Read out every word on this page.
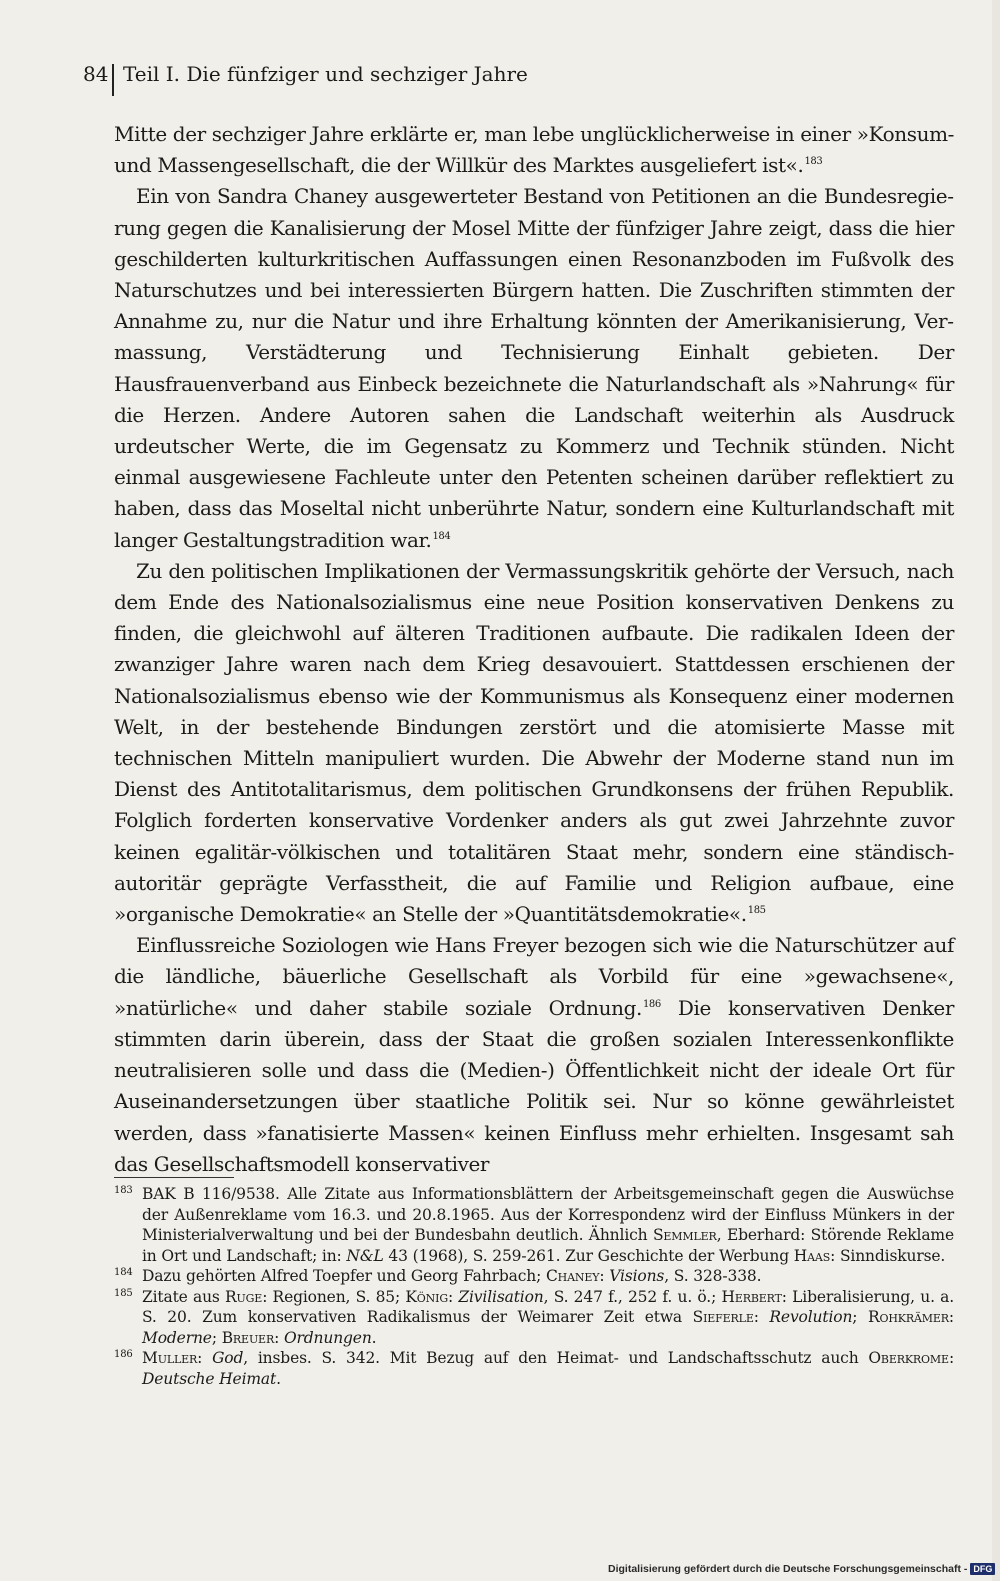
84 Teil I. Die fünfziger und sechziger Jahre

Mitte der sechziger Jahre erklärte er, man lebe unglücklicherweise in einer »Konsum- und Massengesellschaft, die der Willkür des Marktes ausgeliefert ist«.$^{183}$

Ein von Sandra Chaney ausgewerteter Bestand von Petitionen an die Bundesregierung gegen die Kanalisierung der Mosel Mitte der fünfziger Jahre zeigt, dass die hier geschilderten kulturkritischen Auffassungen einen Resonanzboden im Fußvolk des Naturschutzes und bei interessierten Bürgern hatten. Die Zuschriften stimmten der Annahme zu, nur die Natur und ihre Erhaltung könnten der Amerikanisierung, Vermassung, Verstädterung und Technisierung Einhalt gebieten. Der Hausfrauenverband aus Einbeck bezeichnete die Naturlandschaft als »Nahrung« für die Herzen. Andere Autoren sahen die Landschaft weiterhin als Ausdruck urdeutscher Werte, die im Gegensatz zu Kommerz und Technik stünden. Nicht einmal ausgewiesene Fachleute unter den Petenten scheinen darüber reflektiert zu haben, dass das Moseltal nicht unberührte Natur, sondern eine Kulturlandschaft mit langer Gestaltungstradition war.$^{184}$

Zu den politischen Implikationen der Vermassungskritik gehörte der Versuch, nach dem Ende des Nationalsozialismus eine neue Position konservativen Denkens zu finden, die gleichwohl auf älteren Traditionen aufbaute. Die radikalen Ideen der zwanziger Jahre waren nach dem Krieg desavouiert. Stattdessen erschienen der Nationalsozialismus ebenso wie der Kommunismus als Konsequenz einer modernen Welt, in der bestehende Bindungen zerstört und die atomisierte Masse mit technischen Mitteln manipuliert wurden. Die Abwehr der Moderne stand nun im Dienst des Antitotalitarismus, dem politischen Grundkonsens der frühen Republik. Folglich forderten konservative Vordenker anders als gut zwei Jahrzehnte zuvor keinen egalitär-völkischen und totalitären Staat mehr, sondern eine ständisch-autoritär geprägte Verfasstheit, die auf Familie und Religion aufbaue, eine »organische Demokratie« an Stelle der »Quantitätsdemokratie«.$^{185}$

Einflussreiche Soziologen wie Hans Freyer bezogen sich wie die Naturschützer auf die ländliche, bäuerliche Gesellschaft als Vorbild für eine »gewachsene«, »natürliche« und daher stabile soziale Ordnung.$^{186}$ Die konservativen Denker stimmten darin überein, dass der Staat die großen sozialen Interessenkonflikte neutralisieren solle und dass die (Medien-) Öffentlichkeit nicht der ideale Ort für Auseinandersetzungen über staatliche Politik sei. Nur so könne gewährleistet werden, dass »fanatisierte Massen« keinen Einfluss mehr erhielten. Insgesamt sah das Gesellschaftsmodell konservativer

183 BAK B 116/9538. Alle Zitate aus Informationsblättern der Arbeitsgemeinschaft gegen die Auswüchse der Außenreklame vom 16.3. und 20.8.1965. Aus der Korrespondenz wird der Einfluss Münkers in der Ministerialverwaltung und bei der Bundesbahn deutlich. Ähnlich Semmler, Eberhard: Störende Reklame in Ort und Landschaft; in: N&L 43 (1968), S. 259-261. Zur Geschichte der Werbung Haas: Sinndiskurse.

184 Dazu gehörten Alfred Toepfer und Georg Fahrbach; Chaney: Visions, S. 328-338.

185 Zitate aus Ruge: Regionen, S. 85; König: Zivilisation, S. 247 f., 252 f. u. ö.; Herbert: Liberalisierung, u. a. S. 20. Zum konservativen Radikalismus der Weimarer Zeit etwa Sieferle: Revolution; Rohkrämer: Moderne; Breuer: Ordnungen.

186 Muller: God, insbes. S. 342. Mit Bezug auf den Heimat- und Landschaftsschutz auch Oberkrome: Deutsche Heimat.

Digitalisierung gefördert durch die Deutsche Forschungsgemeinschaft - DFG
